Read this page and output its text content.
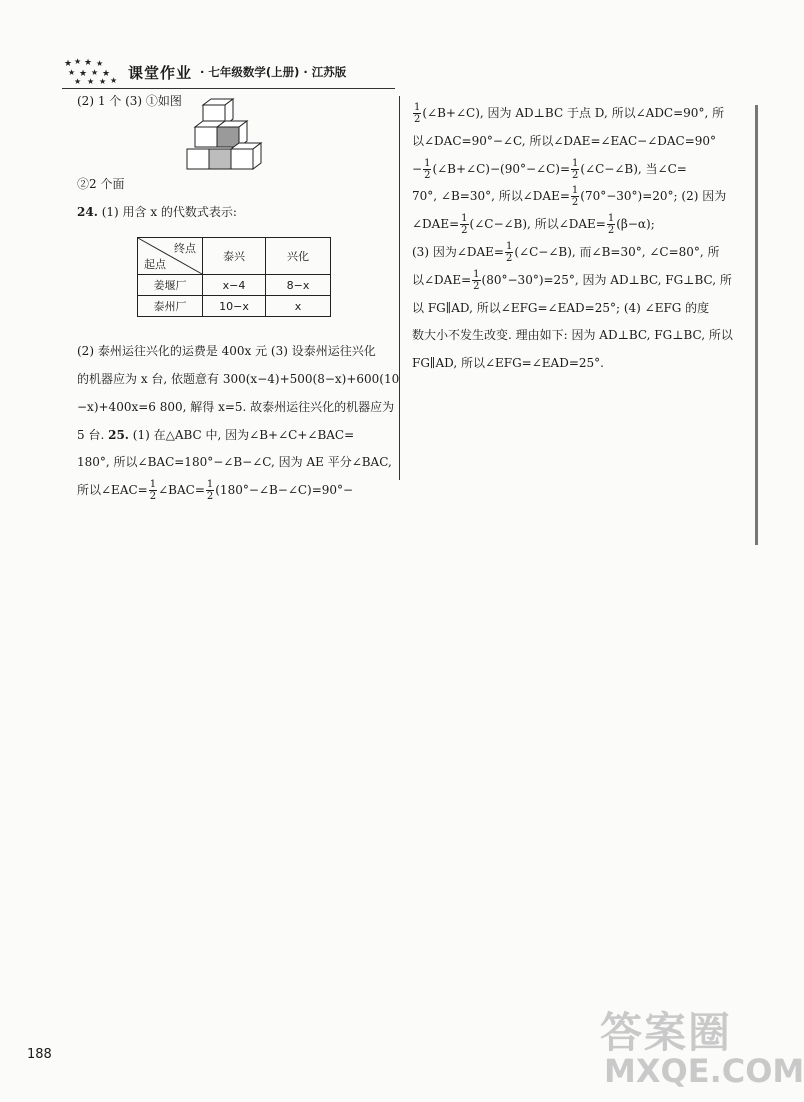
★ ★ ★ ★
★ ★ ★ ★
★ ★ ★ ★ 课堂作业 · 七年级数学(上册) · 江苏版
(2) 1 个 (3) ①如图
②2 个面
24. (1) 用含 x 的代数式表示:
(2) 泰州运往兴化的运费是 400x 元 (3) 设泰州运往兴化
的机器应为 x 台, 依题意有 300(x−4)+500(8−x)+600(10
−x)+400x=6 800, 解得 x=5. 故泰州运往兴化的机器应为
5 台. 25. (1) 在△ABC 中, 因为∠B+∠C+∠BAC=
180°, 所以∠BAC=180°−∠B−∠C, 因为 AE 平分∠BAC,
所以∠EAC= $\frac{1}{2}$ ∠BAC= $\frac{1}{2}$ (180°−∠B−∠C)=90°−
终点
起点	泰兴	兴化
姜堰厂	x−4	8−x
泰州厂	10−x	x
$\frac{1}{2}$ (∠B+∠C), 因为 AD⊥BC 于点 D, 所以∠ADC=90°, 所
以∠DAC=90°−∠C, 所以∠DAE=∠EAC−∠DAC=90°
− $\frac{1}{2}$ (∠B+∠C)−(90°−∠C)= $\frac{1}{2}$ (∠C−∠B), 当∠C=
70°, ∠B=30°, 所以∠DAE= $\frac{1}{2} (70^\circ-30^\circ)=20^\circ$; (2) 因为
∠DAE= $\frac{1}{2}$ (∠C−∠B), 所以∠DAE= $\frac{1}{2} (\beta-\alpha)$;
(3) 因为∠DAE= $\frac{1}{2}$ (∠C−∠B), 而∠B=30°, ∠C=80°, 所
以∠DAE= $\frac{1}{2} (80^\circ-30^\circ)=25^\circ$, 因为 AD⊥BC, FG⊥BC, 所
以 FG∥AD, 所以∠EFG=∠EAD=25°; (4) ∠EFG 的度
数大小不发生改变. 理由如下: 因为 AD⊥BC, FG⊥BC, 所以
FG∥AD, 所以∠EFG=∠EAD=25°.
188	答案圈
MXQE.COM
